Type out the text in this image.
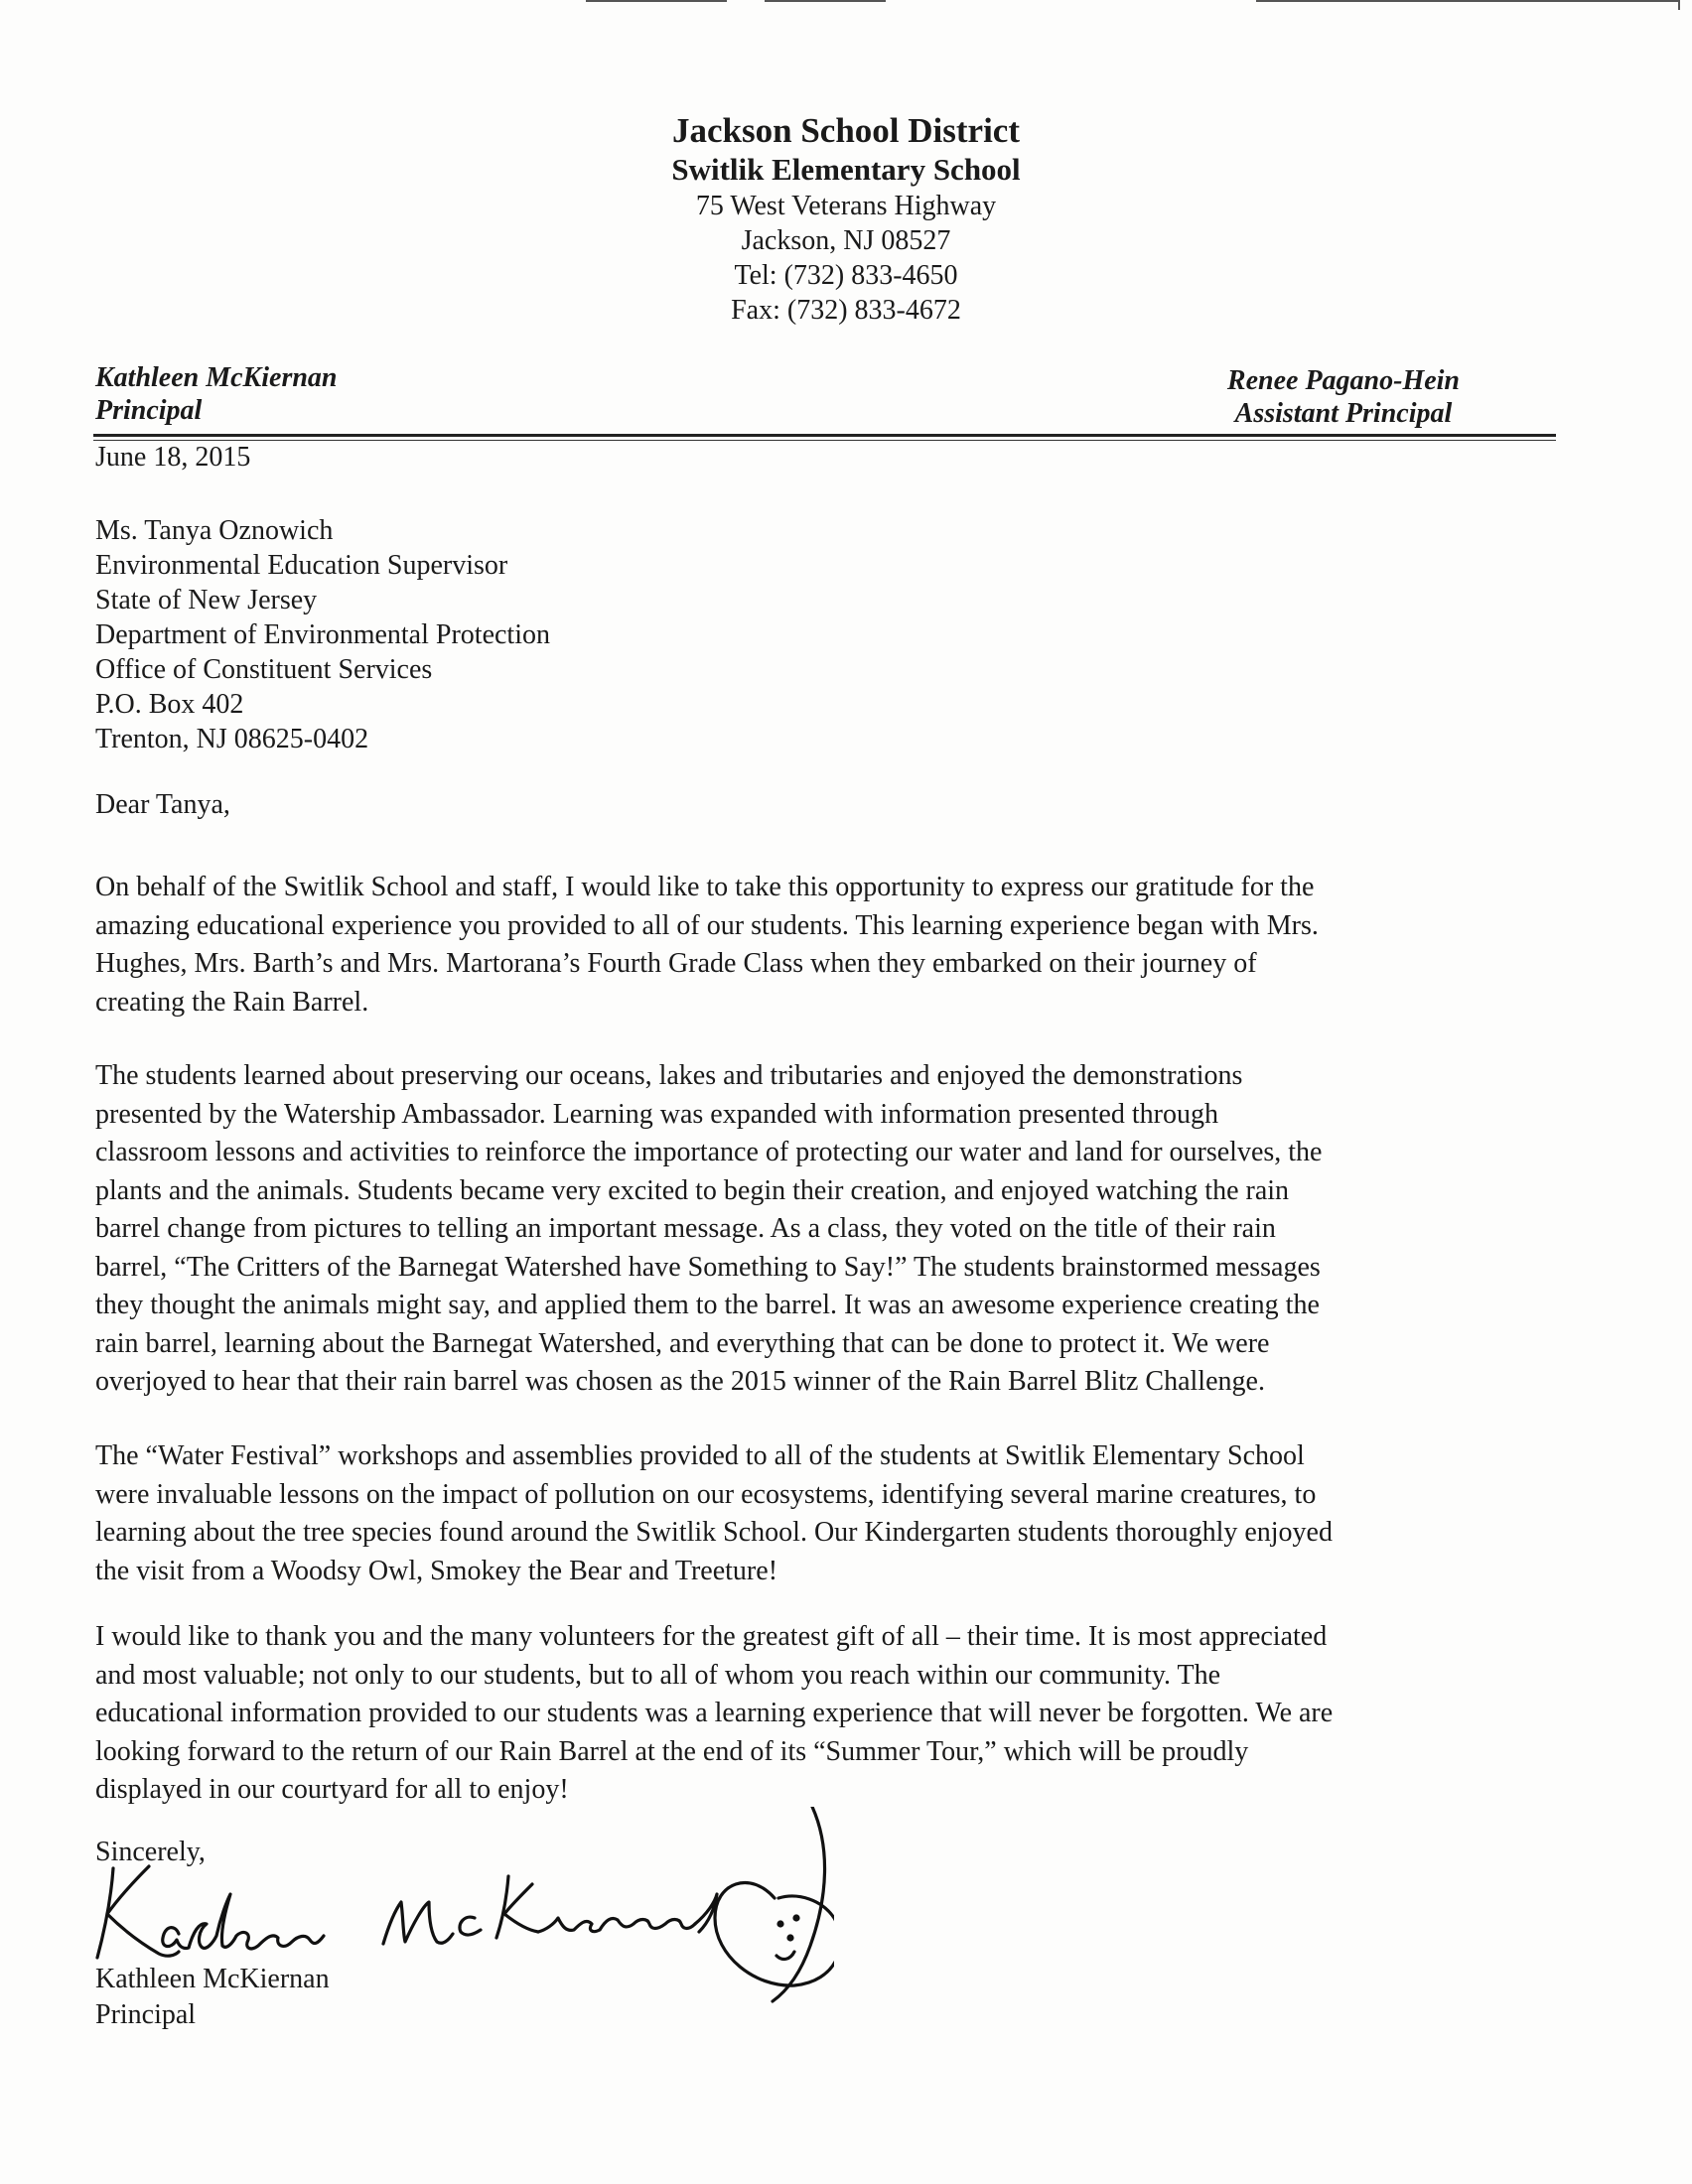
Jackson School District
Switlik Elementary School
75 West Veterans Highway
Jackson, NJ 08527
Tel: (732) 833-4650
Fax: (732) 833-4672
Kathleen McKiernan
Principal
Renee Pagano-Hein
Assistant Principal
June 18, 2015
Ms. Tanya Oznowich
Environmental Education Supervisor
State of New Jersey
Department of Environmental Protection
Office of Constituent Services
P.O. Box 402
Trenton, NJ 08625-0402
Dear Tanya,

On behalf of the Switlik School and staff, I would like to take this opportunity to express our gratitude for the

amazing educational experience you provided to all of our students. This learning experience began with Mrs.

Hughes, Mrs. Barth’s and Mrs. Martorana’s Fourth Grade Class when they embarked on their journey of

creating the Rain Barrel.

The students learned about preserving our oceans, lakes and tributaries and enjoyed the demonstrations

presented by the Watership Ambassador. Learning was expanded with information presented through

classroom lessons and activities to reinforce the importance of protecting our water and land for ourselves, the

plants and the animals. Students became very excited to begin their creation, and enjoyed watching the rain

barrel change from pictures to telling an important message. As a class, they voted on the title of their rain

barrel, “The Critters of the Barnegat Watershed have Something to Say!” The students brainstormed messages

they thought the animals might say, and applied them to the barrel. It was an awesome experience creating the

rain barrel, learning about the Barnegat Watershed, and everything that can be done to protect it. We were

overjoyed to hear that their rain barrel was chosen as the 2015 winner of the Rain Barrel Blitz Challenge.

The “Water Festival” workshops and assemblies provided to all of the students at Switlik Elementary School

were invaluable lessons on the impact of pollution on our ecosystems, identifying several marine creatures, to

learning about the tree species found around the Switlik School. Our Kindergarten students thoroughly enjoyed

the visit from a Woodsy Owl, Smokey the Bear and Treeture!

I would like to thank you and the many volunteers for the greatest gift of all – their time. It is most appreciated

and most valuable; not only to our students, but to all of whom you reach within our community. The

educational information provided to our students was a learning experience that will never be forgotten. We are

looking forward to the return of our Rain Barrel at the end of its “Summer Tour,” which will be proudly

displayed in our courtyard for all to enjoy!

Sincerely,
Kathleen McKiernan
Principal
